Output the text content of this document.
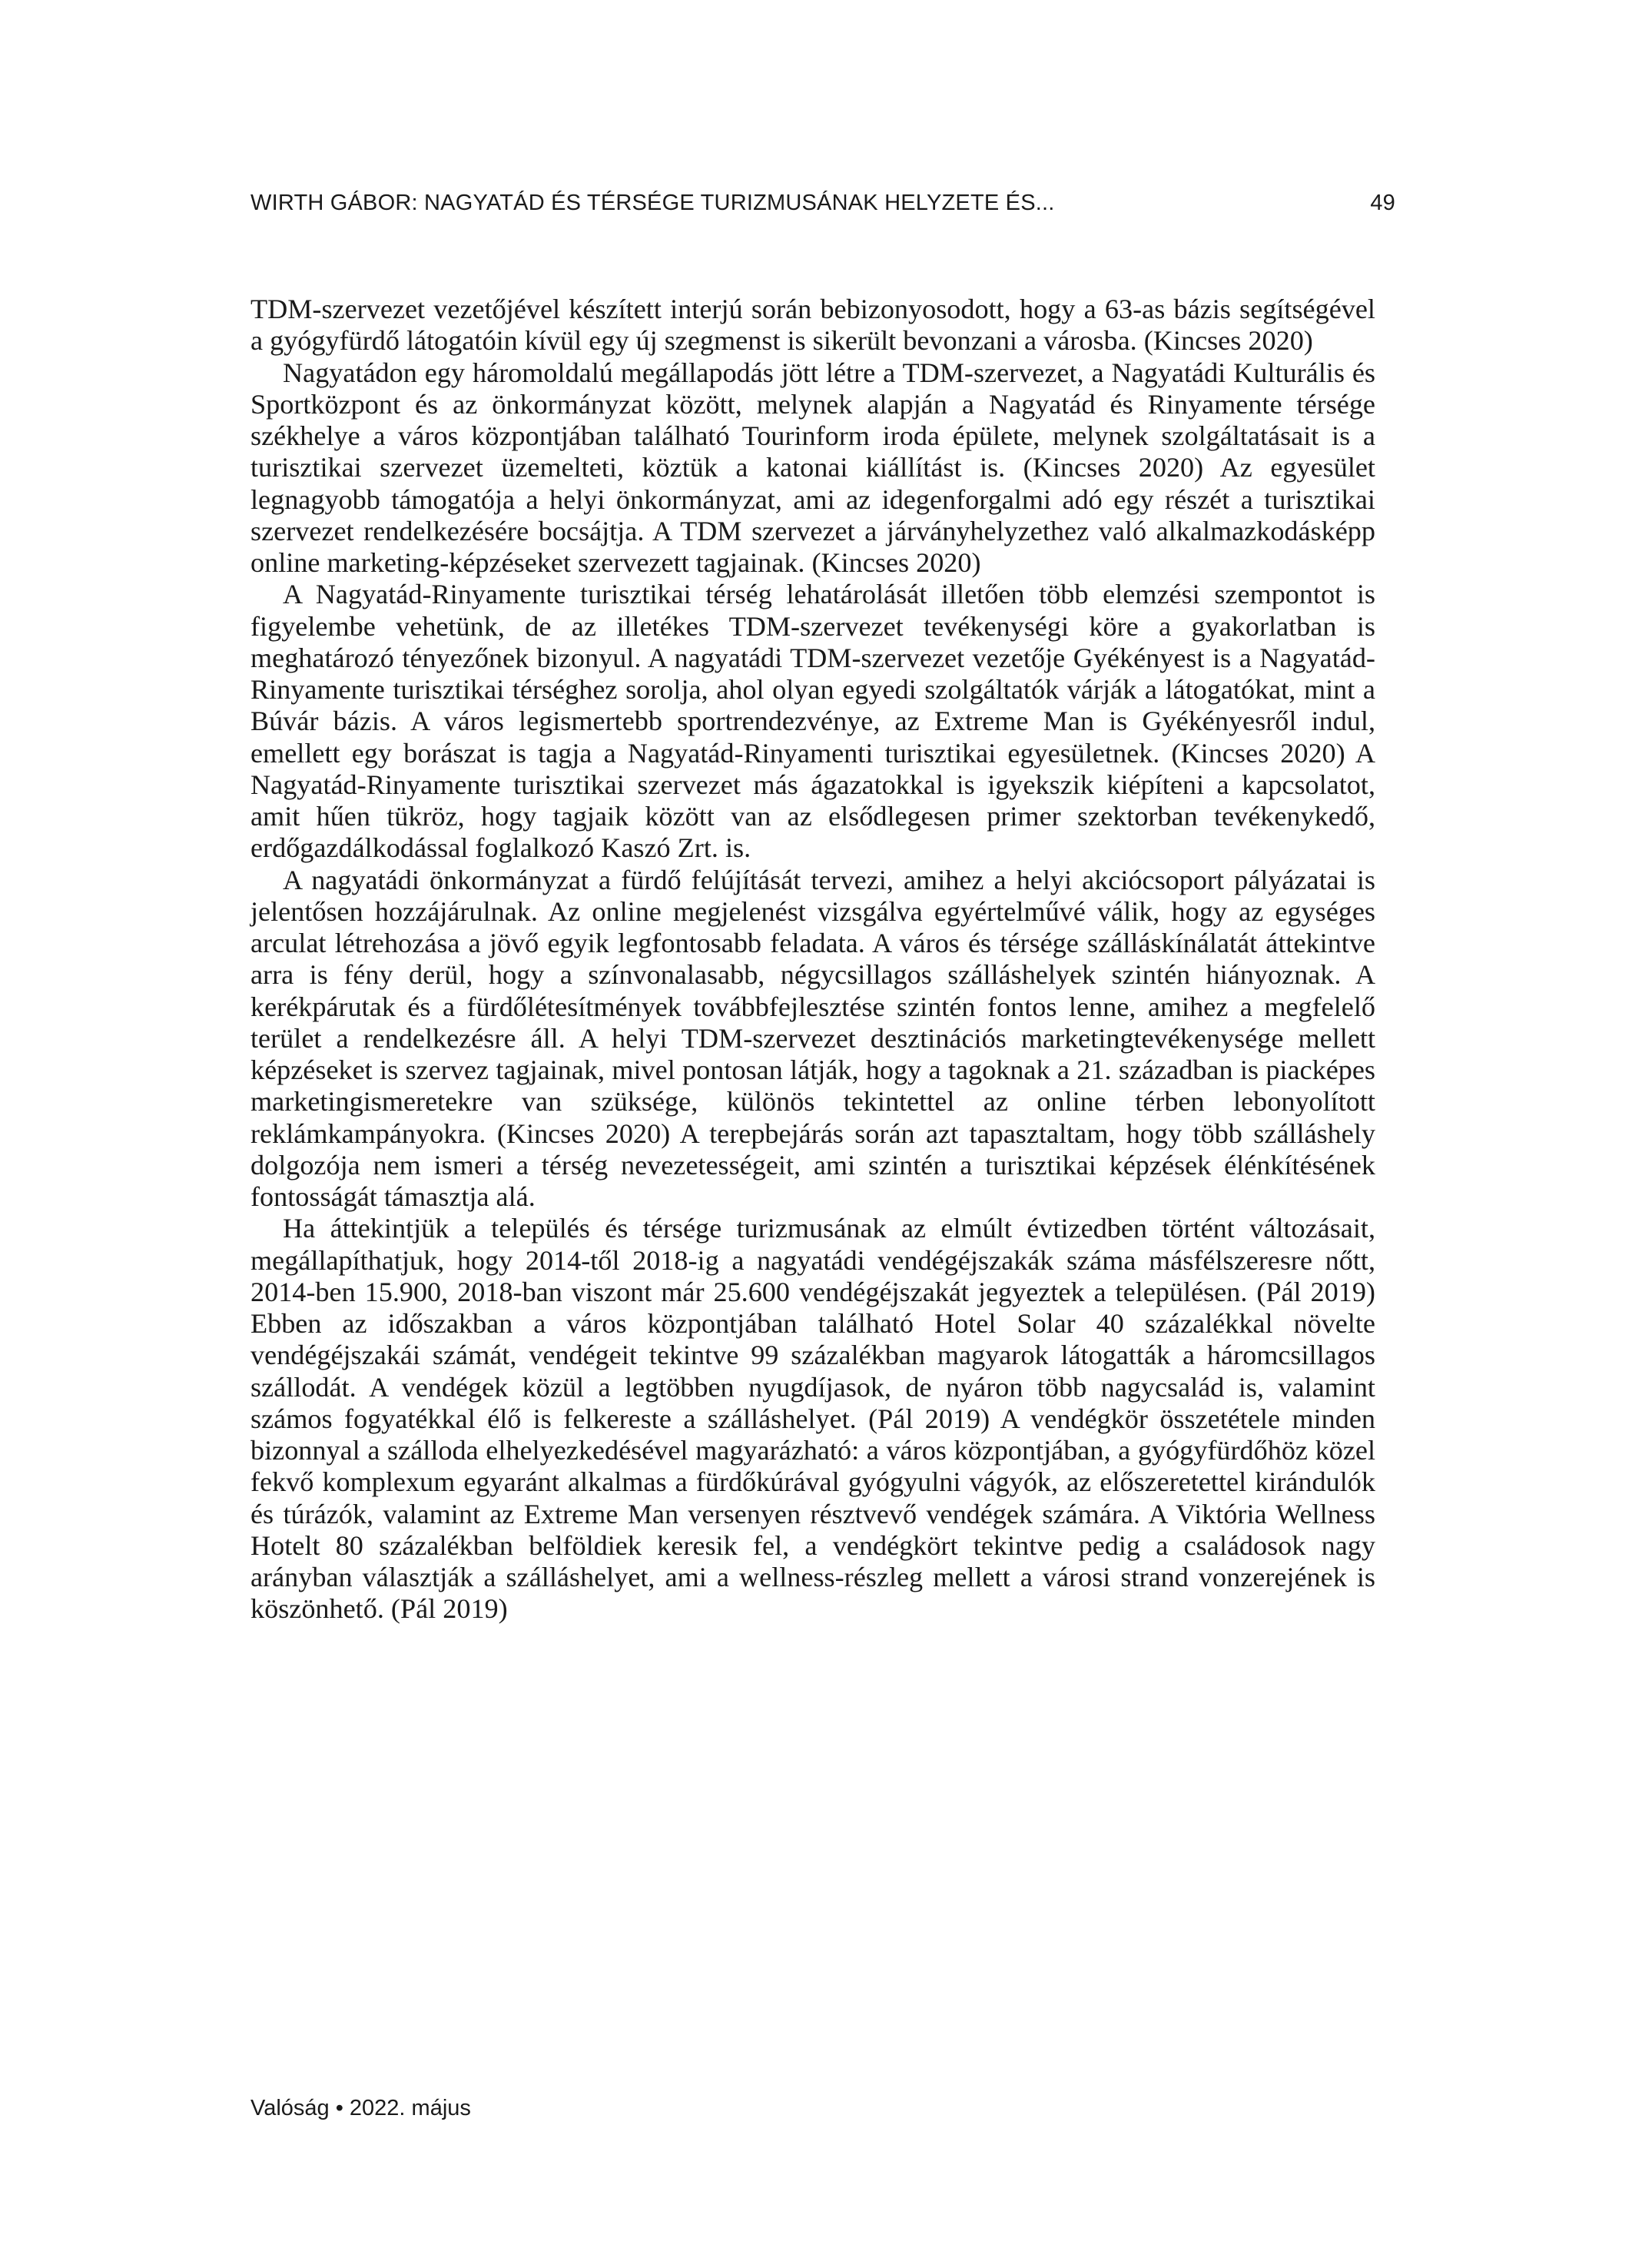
WIRTH GÁBOR: NAGYATÁD ÉS TÉRSÉGE TURIZMUSÁNAK HELYZETE ÉS...	49

TDM-szervezet vezetőjével készített interjú során bebizonyosodott, hogy a 63-as bázis segítségével a gyógyfürdő látogatóin kívül egy új szegmenst is sikerült bevonzani a városba. (Kincses 2020)

Nagyatádon egy háromoldalú megállapodás jött létre a TDM-szervezet, a Nagyatádi Kulturális és Sportközpont és az önkormányzat között, melynek alapján a Nagyatád és Rinyamente térsége székhelye a város központjában található Tourinform iroda épülete, melynek szolgáltatásait is a turisztikai szervezet üzemelteti, köztük a katonai kiállítást is. (Kincses 2020) Az egyesület legnagyobb támogatója a helyi önkormányzat, ami az idegenforgalmi adó egy részét a turisztikai szervezet rendelkezésére bocsájtja. A TDM szervezet a járványhelyzethez való alkalmazkodásképp online marketing-képzéseket szervezett tagjainak. (Kincses 2020)

A Nagyatád-Rinyamente turisztikai térség lehatárolását illetően több elemzési szempontot is figyelembe vehetünk, de az illetékes TDM-szervezet tevékenységi köre a gyakorlatban is meghatározó tényezőnek bizonyul. A nagyatádi TDM-szervezet vezetője Gyékényest is a Nagyatád-Rinyamente turisztikai térséghez sorolja, ahol olyan egyedi szolgáltatók várják a látogatókat, mint a Búvár bázis. A város legismertebb sportrendezvénye, az Extreme Man is Gyékényesről indul, emellett egy borászat is tagja a Nagyatád-Rinyamenti turisztikai egyesületnek. (Kincses 2020) A Nagyatád-Rinyamente turisztikai szervezet más ágazatokkal is igyekszik kiépíteni a kapcsolatot, amit hűen tükröz, hogy tagjaik között van az elsődlegesen primer szektorban tevékenykedő, erdőgazdálkodással foglalkozó Kaszó Zrt. is.

A nagyatádi önkormányzat a fürdő felújítását tervezi, amihez a helyi akciócsoport pályázatai is jelentősen hozzájárulnak. Az online megjelenést vizsgálva egyértelművé válik, hogy az egységes arculat létrehozása a jövő egyik legfontosabb feladata. A város és térsége szálláskínálatát áttekintve arra is fény derül, hogy a színvonalasabb, négycsillagos szálláshelyek szintén hiányoznak. A kerékpárutak és a fürdőlétesítmények továbbfejlesztése szintén fontos lenne, amihez a megfelelő terület a rendelkezésre áll. A helyi TDM-szervezet desztinációs marketingtevékenysége mellett képzéseket is szervez tagjainak, mivel pontosan látják, hogy a tagoknak a 21. században is piacképes marketingismeretekre van szüksége, különös tekintettel az online térben lebonyolított reklámkampányokra. (Kincses 2020) A terepbejárás során azt tapasztaltam, hogy több szálláshely dolgozója nem ismeri a térség nevezetességeit, ami szintén a turisztikai képzések élénkítésének fontosságát támasztja alá.

Ha áttekintjük a település és térsége turizmusának az elmúlt évtizedben történt változásait, megállapíthatjuk, hogy 2014-től 2018-ig a nagyatádi vendégéjszakák száma másfélszeresre nőtt, 2014-ben 15.900, 2018-ban viszont már 25.600 vendégéjszakát jegyeztek a településen. (Pál 2019) Ebben az időszakban a város központjában található Hotel Solar 40 százalékkal növelte vendégéjszakái számát, vendégeit tekintve 99 százalékban magyarok látogatták a háromcsillagos szállodát. A vendégek közül a legtöbben nyugdíjasok, de nyáron több nagycsalád is, valamint számos fogyatékkal élő is felkereste a szálláshelyet. (Pál 2019) A vendégkör összetétele minden bizonnyal a szálloda elhelyezkedésével magyarázható: a város központjában, a gyógyfürdőhöz közel fekvő komplexum egyaránt alkalmas a fürdőkúrával gyógyulni vágyók, az előszeretettel kirándulók és túrázók, valamint az Extreme Man versenyen résztvevő vendégek számára. A Viktória Wellness Hotelt 80 százalékban belföldiek keresik fel, a vendégkört tekintve pedig a családosok nagy arányban választják a szálláshelyet, ami a wellness-részleg mellett a városi strand vonzerejének is köszönhető. (Pál 2019)

Valóság • 2022. május
